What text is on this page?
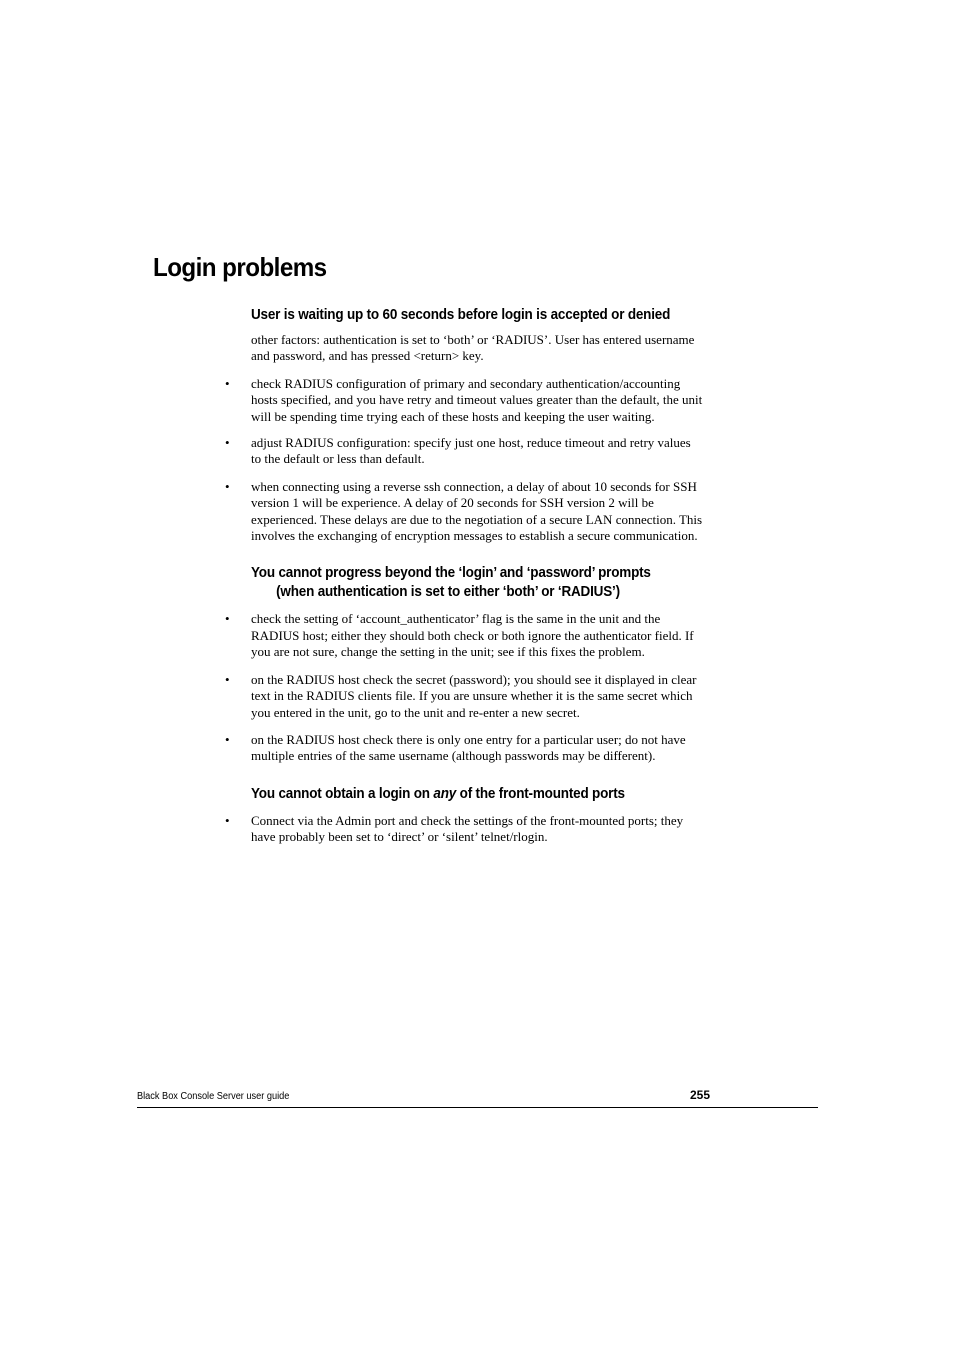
Login problems
User is waiting up to 60 seconds before login is accepted or denied

other factors: authentication is set to ‘both’ or ‘RADIUS’. User has entered username and password, and has pressed <return> key.

• check RADIUS configuration of primary and secondary authentication/accounting hosts specified, and you have retry and timeout values greater than the default, the unit will be spending time trying each of these hosts and keeping the user waiting.
• adjust RADIUS configuration: specify just one host, reduce timeout and retry values to the default or less than default.
• when connecting using a reverse ssh connection, a delay of about 10 seconds for SSH version 1 will be experience. A delay of 20 seconds for SSH version 2 will be experienced. These delays are due to the negotiation of a secure LAN connection. This involves the exchanging of encryption messages to establish a secure communication.
You cannot progress beyond the ‘login’ and ‘password’ prompts
(when authentication is set to either ‘both’ or ‘RADIUS’)
• check the setting of ‘account_authenticator’ flag is the same in the unit and the RADIUS host; either they should both check or both ignore the authenticator field. If you are not sure, change the setting in the unit; see if this fixes the problem.
• on the RADIUS host check the secret (password); you should see it displayed in clear text in the RADIUS clients file. If you are unsure whether it is the same secret which you entered in the unit, go to the unit and re-enter a new secret.
• on the RADIUS host check there is only one entry for a particular user; do not have multiple entries of the same username (although passwords may be different).
You cannot obtain a login on any of the front-mounted ports
• Connect via the Admin port and check the settings of the front-mounted ports; they have probably been set to ‘direct’ or ‘silent’ telnet/rlogin.
Black Box Console Server user guide	255
